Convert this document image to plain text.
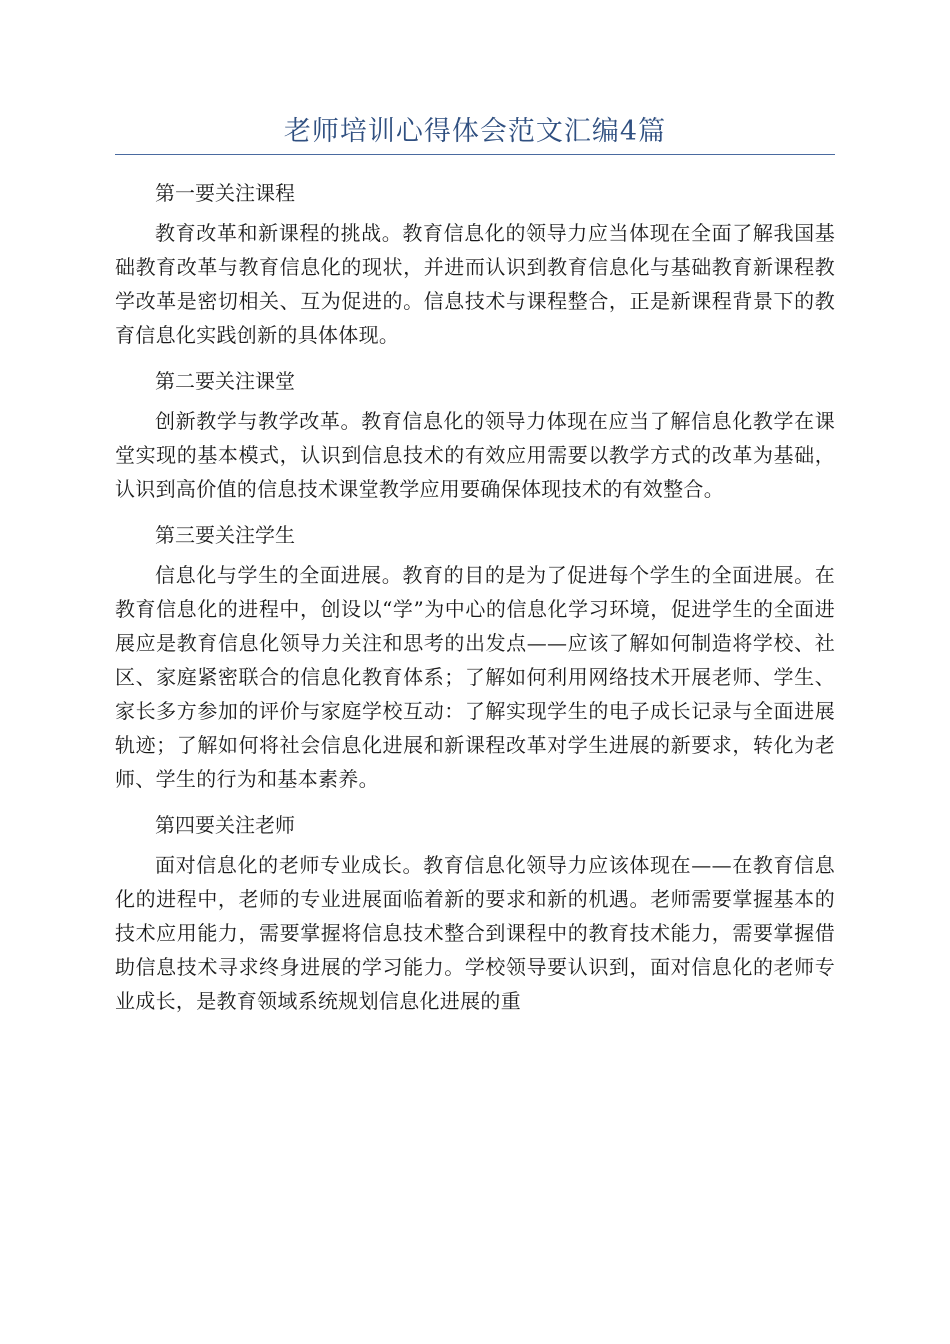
老师培训心得体会范文汇编4篇

第一要关注课程

教育改革和新课程的挑战。教育信息化的领导力应当体现在全面了解我国基础教育改革与教育信息化的现状，并进而认识到教育信息化与基础教育新课程教学改革是密切相关、互为促进的。信息技术与课程整合，正是新课程背景下的教育信息化实践创新的具体体现。

第二要关注课堂

创新教学与教学改革。教育信息化的领导力体现在应当了解信息化教学在课堂实现的基本模式，认识到信息技术的有效应用需要以教学方式的改革为基础，认识到高价值的信息技术课堂教学应用要确保体现技术的有效整合。

第三要关注学生

信息化与学生的全面进展。教育的目的是为了促进每个学生的全面进展。在教育信息化的进程中，创设以“学”为中心的信息化学习环境，促进学生的全面进展应是教育信息化领导力关注和思考的出发点——应该了解如何制造将学校、社区、家庭紧密联合的信息化教育体系；了解如何利用网络技术开展老师、学生、家长多方参加的评价与家庭学校互动：了解实现学生的电子成长记录与全面进展轨迹；了解如何将社会信息化进展和新课程改革对学生进展的新要求，转化为老师、学生的行为和基本素养。

第四要关注老师

面对信息化的老师专业成长。教育信息化领导力应该体现在——在教育信息化的进程中，老师的专业进展面临着新的要求和新的机遇。老师需要掌握基本的技术应用能力，需要掌握将信息技术整合到课程中的教育技术能力，需要掌握借助信息技术寻求终身进展的学习能力。学校领导要认识到，面对信息化的老师专业成长，是教育领域系统规划信息化进展的重
